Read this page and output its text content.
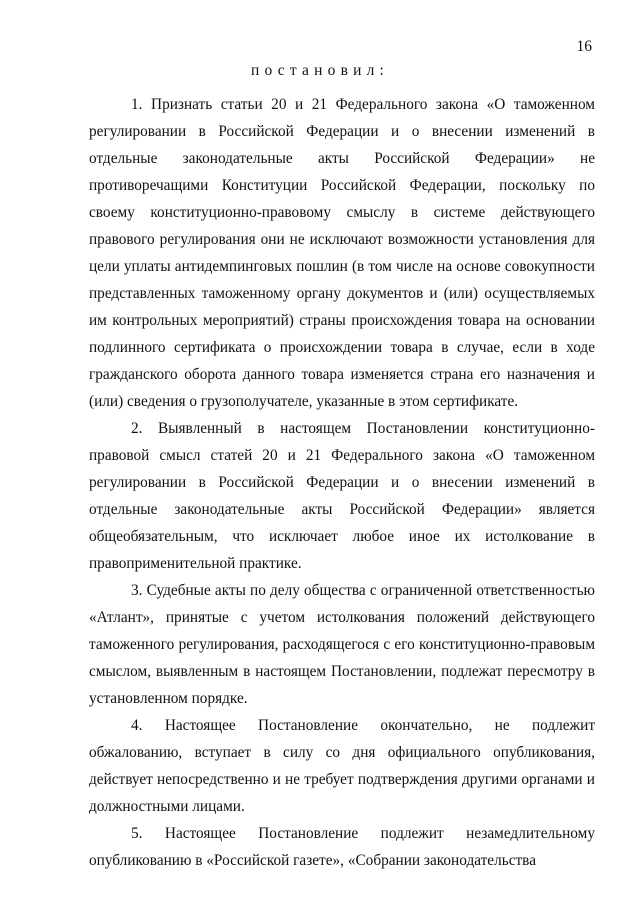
16
постановил:

1. Признать статьи 20 и 21 Федерального закона «О таможенном регулировании в Российской Федерации и о внесении изменений в отдельные законодательные акты Российской Федерации» не противоречащими Конституции Российской Федерации, поскольку по своему конституционно-правовому смыслу в системе действующего правового регулирования они не исключают возможности установления для цели уплаты антидемпинговых пошлин (в том числе на основе совокупности представленных таможенному органу документов и (или) осуществляемых им контрольных мероприятий) страны происхождения товара на основании подлинного сертификата о происхождении товара в случае, если в ходе гражданского оборота данного товара изменяется страна его назначения и (или) сведения о грузополучателе, указанные в этом сертификате.

2. Выявленный в настоящем Постановлении конституционно-правовой смысл статей 20 и 21 Федерального закона «О таможенном регулировании в Российской Федерации и о внесении изменений в отдельные законодательные акты Российской Федерации» является общеобязательным, что исключает любое иное их истолкование в правоприменительной практике.

3. Судебные акты по делу общества с ограниченной ответственностью «Атлант», принятые с учетом истолкования положений действующего таможенного регулирования, расходящегося с его конституционно-правовым смыслом, выявленным в настоящем Постановлении, подлежат пересмотру в установленном порядке.

4. Настоящее Постановление окончательно, не подлежит обжалованию, вступает в силу со дня официального опубликования, действует непосредственно и не требует подтверждения другими органами и должностными лицами.

5. Настоящее Постановление подлежит незамедлительному опубликованию в «Российской газете», «Собрании законодательства
